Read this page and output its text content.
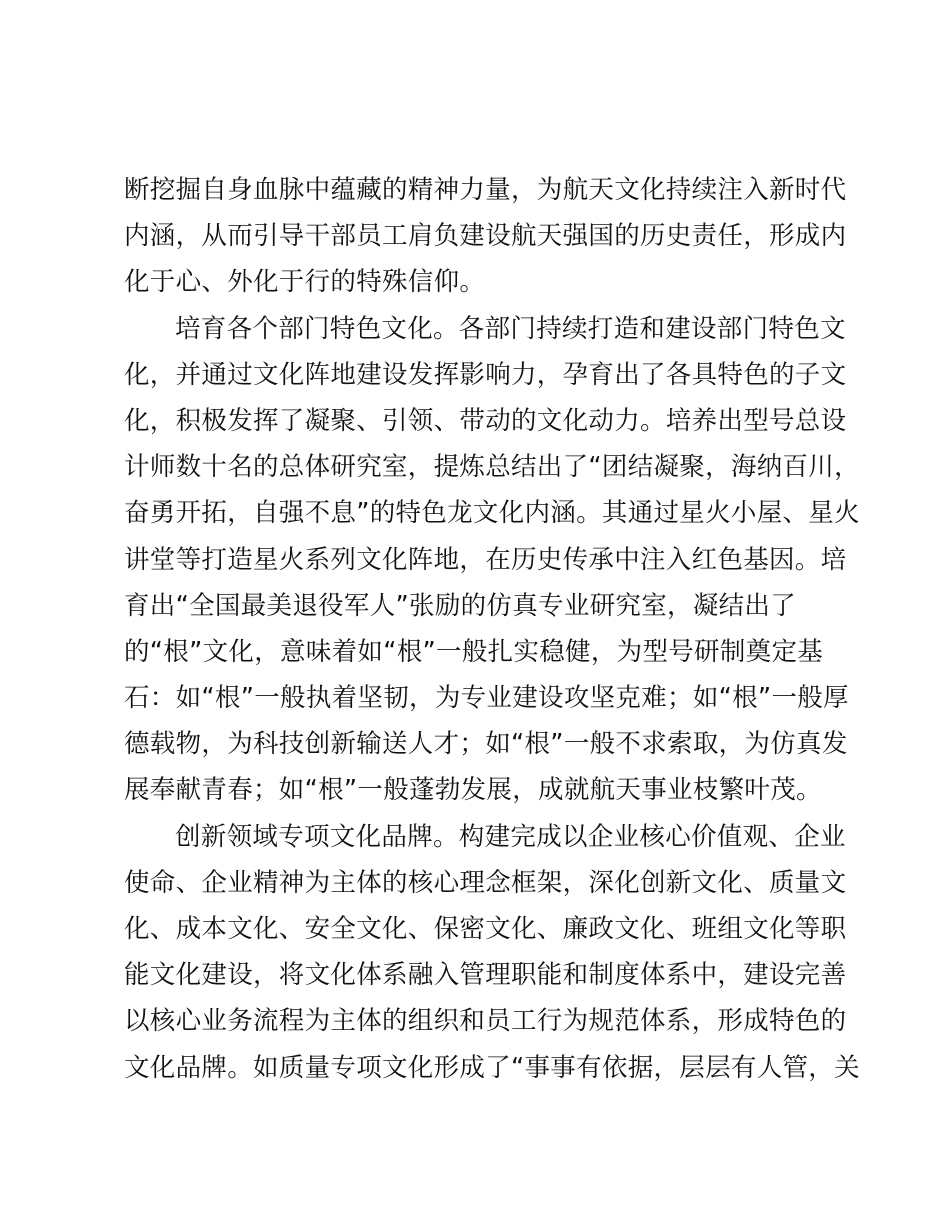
断挖掘自身血脉中蕴藏的精神力量，为航天文化持续注入新时代
内涵，从而引导干部员工肩负建设航天强国的历史责任，形成内
化于心、外化于行的特殊信仰。
培育各个部门特色文化。各部门持续打造和建设部门特色文
化，并通过文化阵地建设发挥影响力，孕育出了各具特色的子文
化，积极发挥了凝聚、引领、带动的文化动力。培养出型号总设
计师数十名的总体研究室，提炼总结出了“团结凝聚，海纳百川，
奋勇开拓，自强不息”的特色龙文化内涵。其通过星火小屋、星火
讲堂等打造星火系列文化阵地，在历史传承中注入红色基因。培
育出“全国最美退役军人”张励的仿真专业研究室，凝结出了
的“根”文化，意味着如“根”一般扎实稳健，为型号研制奠定基
石：如“根”一般执着坚韧，为专业建设攻坚克难；如“根”一般厚
德载物，为科技创新输送人才；如“根”一般不求索取，为仿真发
展奉献青春；如“根”一般蓬勃发展，成就航天事业枝繁叶茂。
创新领域专项文化品牌。构建完成以企业核心价值观、企业
使命、企业精神为主体的核心理念框架，深化创新文化、质量文
化、成本文化、安全文化、保密文化、廉政文化、班组文化等职
能文化建设，将文化体系融入管理职能和制度体系中，建设完善
以核心业务流程为主体的组织和员工行为规范体系，形成特色的
文化品牌。如质量专项文化形成了“事事有依据，层层有人管，关
